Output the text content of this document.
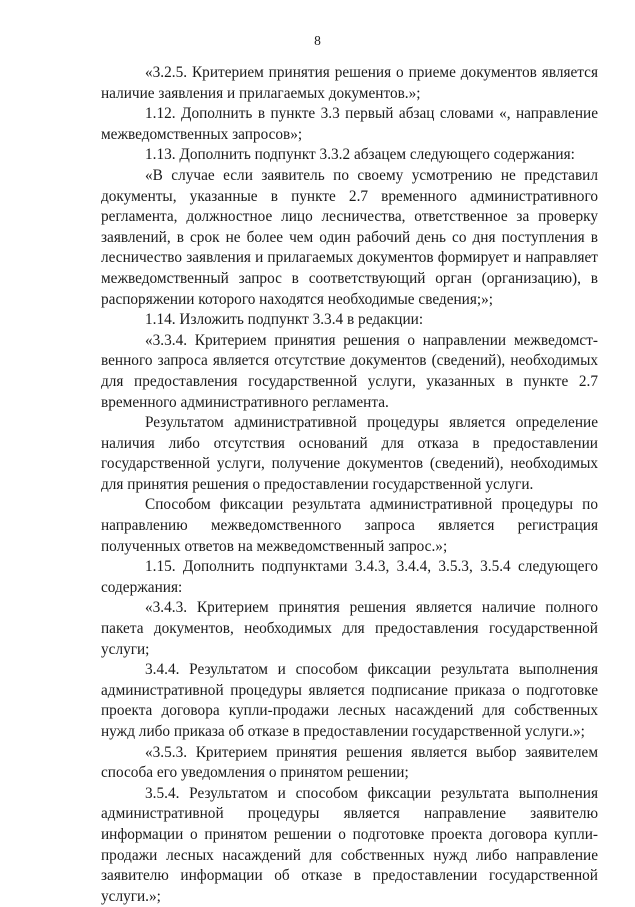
8

«3.2.5. Критерием принятия решения о приеме документов является наличие заявления и прилагаемых документов.»;

1.12. Дополнить в пункте 3.3 первый абзац словами «, направление межведомственных запросов»;

1.13. Дополнить подпункт 3.3.2 абзацем следующего содержания:

«В случае если заявитель по своему усмотрению не представил документы, указанные в пункте 2.7 временного административного регламента, должностное лицо лесничества, ответственное за проверку заявлений, в срок не более чем один рабочий день со дня поступления в лесничество заявления и прилагаемых документов формирует и направляет межведомственный запрос в соответствующий орган (организацию), в распоряжении которого находятся необходимые сведения;»;

1.14. Изложить подпункт 3.3.4 в редакции:

«3.3.4. Критерием принятия решения о направлении межведомственного запроса является отсутствие документов (сведений), необходимых для предоставления государственной услуги, указанных в пункте 2.7 временного административного регламента.

Результатом административной процедуры является определение наличия либо отсутствия оснований для отказа в предоставлении государственной услуги, получение документов (сведений), необходимых для принятия решения о предоставлении государственной услуги.

Способом фиксации результата административной процедуры по направлению межведомственного запроса является регистрация полученных ответов на межведомственный запрос.»;

1.15. Дополнить подпунктами 3.4.3, 3.4.4, 3.5.3, 3.5.4 следующего содержания:

«3.4.3. Критерием принятия решения является наличие полного пакета документов, необходимых для предоставления государственной услуги;

3.4.4. Результатом и способом фиксации результата выполнения административной процедуры является подписание приказа о подготовке проекта договора купли-продажи лесных насаждений для собственных нужд либо приказа об отказе в предоставлении государственной услуги.»;

«3.5.3. Критерием принятия решения является выбор заявителем способа его уведомления о принятом решении;

3.5.4. Результатом и способом фиксации результата выполнения административной процедуры является направление заявителю информации о принятом решении о подготовке проекта договора купли-продажи лесных насаждений для собственных нужд либо направление заявителю информации об отказе в предоставлении государственной услуги.»;
